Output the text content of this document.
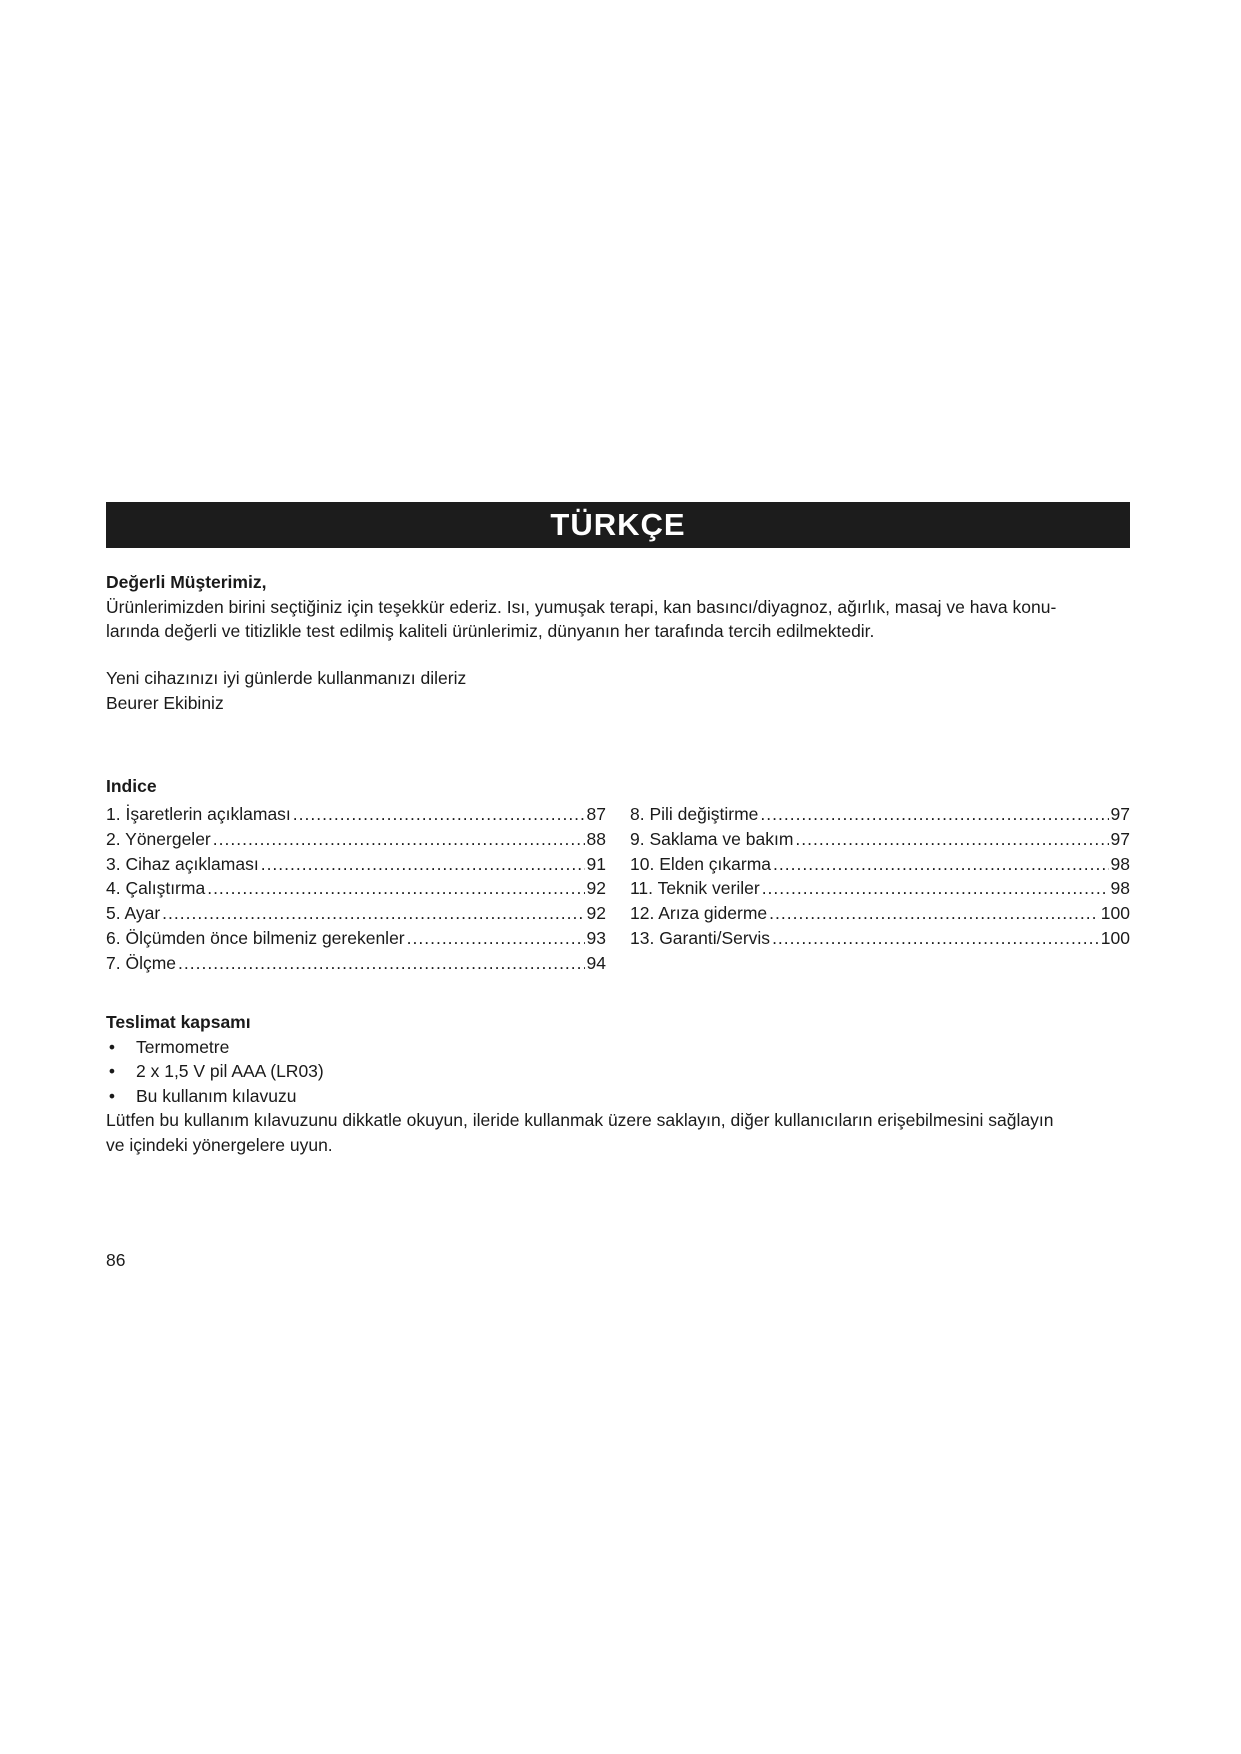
TÜRKÇE
Değerli Müşterimiz,
Ürünlerimizden birini seçtiğiniz için teşekkür ederiz. Isı, yumuşak terapi, kan basıncı/diyagnoz, ağırlık, masaj ve hava konu-
larında değerli ve titizlikle test edilmiş kaliteli ürünlerimiz, dünyanın her tarafında tercih edilmektedir.
Yeni cihazınızı iyi günlerde kullanmanızı dileriz
Beurer Ekibiniz
Indice
1. İşaretlerin açıklaması .....	87
2. Yönergeler .....	88
3. Cihaz açıklaması .....	91
4. Çalıştırma .....	92
5. Ayar .....	92
6. Ölçümden önce bilmeniz gerekenler .....	93
7. Ölçme .....	94
8. Pili değiştirme .....	97
9. Saklama ve bakım .....	97
10. Elden çıkarma .....	98
11. Teknik veriler .....	98
12. Arıza giderme .....	100
13. Garanti/Servis .....	100
Teslimat kapsamı
• Termometre
• 2 x 1,5 V pil AAA (LR03)
• Bu kullanım kılavuzu
Lütfen bu kullanım kılavuzunu dikkatle okuyun, ileride kullanmak üzere saklayın, diğer kullanıcıların erişebilmesini sağlayın
ve içindeki yönergelere uyun.
86
